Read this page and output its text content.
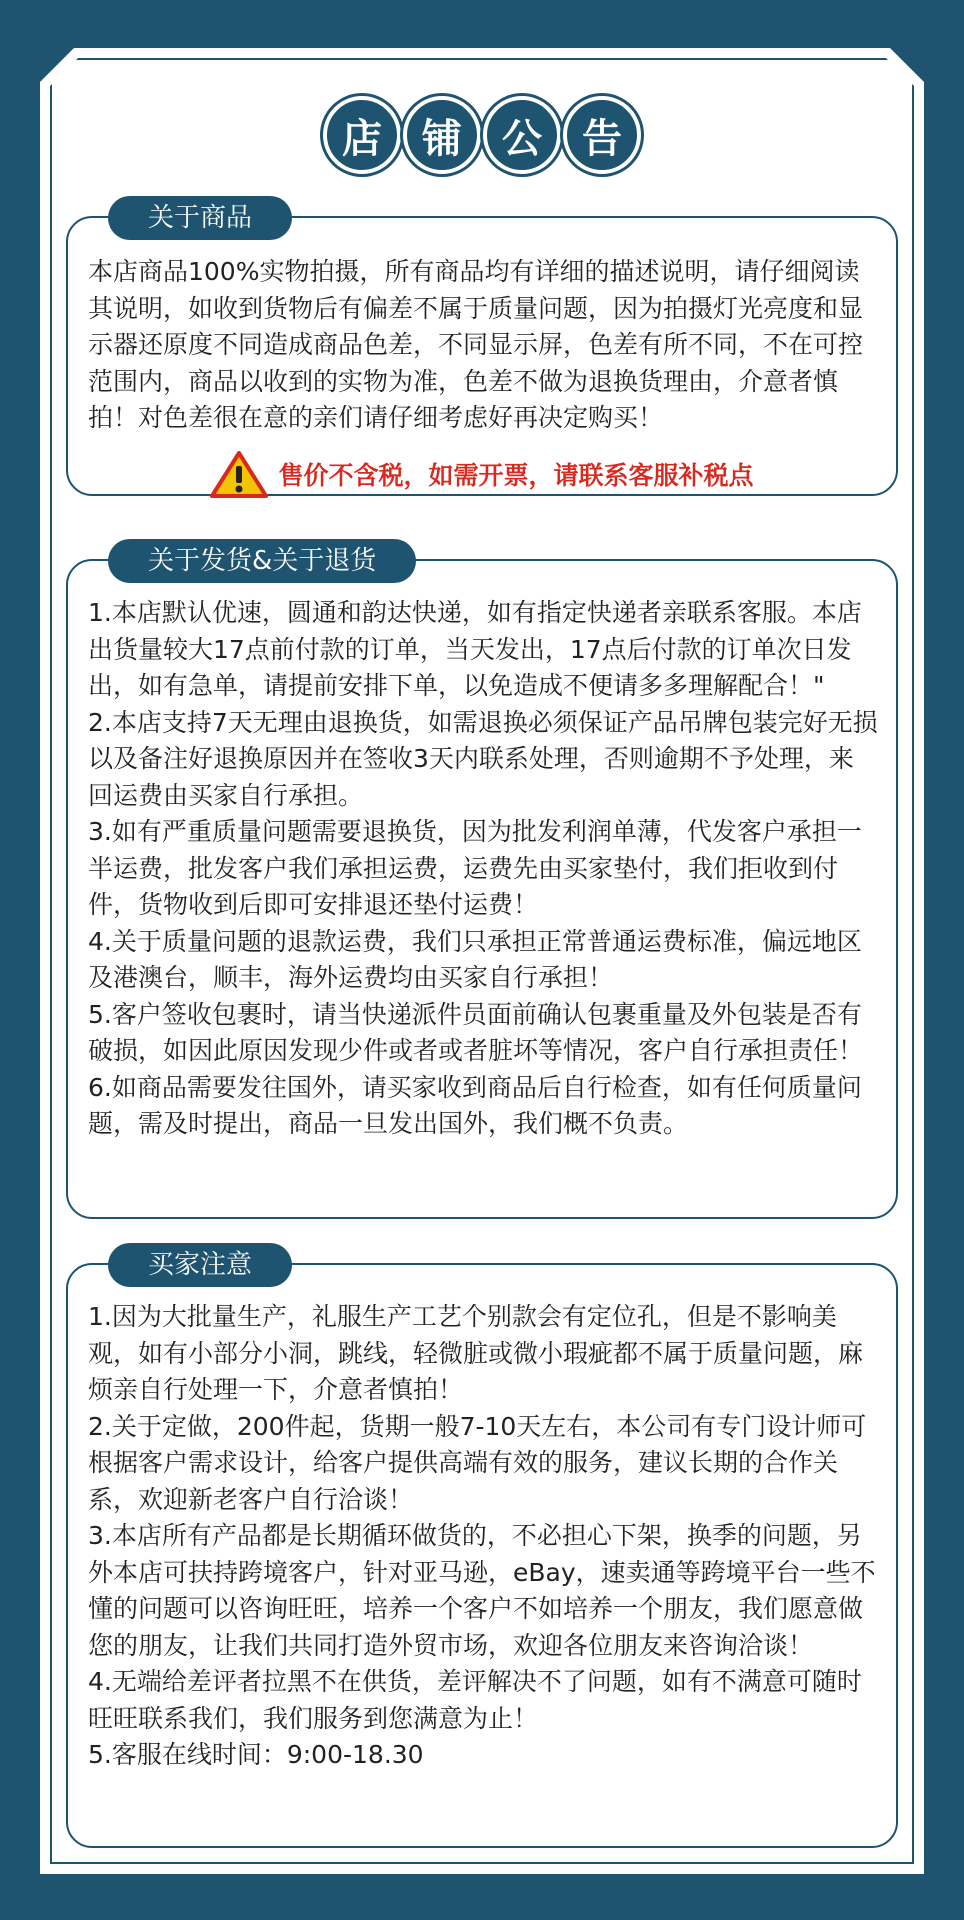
店	铺	公	告
关于商品
本店商品100%实物拍摄，所有商品均有详细的描述说明，请仔细阅读其说明，如收到货物后有偏差不属于质量问题，因为拍摄灯光亮度和显示器还原度不同造成商品色差，不同显示屏，色差有所不同，不在可控范围内，商品以收到的实物为准，色差不做为退换货理由，介意者慎拍！对色差很在意的亲们请仔细考虑好再决定购买！
售价不含税，如需开票，请联系客服补税点
关于发货&关于退货
1.本店默认优速，圆通和韵达快递，如有指定快递者亲联系客服。本店出货量较大17点前付款的订单，当天发出，17点后付款的订单次日发出，如有急单，请提前安排下单，以免造成不便请多多理解配合！"
2.本店支持7天无理由退换货，如需退换必须保证产品吊牌包装完好无损以及备注好退换原因并在签收3天内联系处理，否则逾期不予处理，来回运费由买家自行承担。
3.如有严重质量问题需要退换货，因为批发利润单薄，代发客户承担一半运费，批发客户我们承担运费，运费先由买家垫付，我们拒收到付件，货物收到后即可安排退还垫付运费！
4.关于质量问题的退款运费，我们只承担正常普通运费标准，偏远地区及港澳台，顺丰，海外运费均由买家自行承担！
5.客户签收包裹时，请当快递派件员面前确认包裹重量及外包装是否有破损，如因此原因发现少件或者或者脏坏等情况，客户自行承担责任！
6.如商品需要发往国外，请买家收到商品后自行检查，如有任何质量问题，需及时提出，商品一旦发出国外，我们概不负责。
买家注意
1.因为大批量生产，礼服生产工艺个别款会有定位孔，但是不影响美观，如有小部分小洞，跳线，轻微脏或微小瑕疵都不属于质量问题，麻烦亲自行处理一下，介意者慎拍！
2.关于定做，200件起，货期一般7-10天左右，本公司有专门设计师可根据客户需求设计，给客户提供高端有效的服务，建议长期的合作关系，欢迎新老客户自行洽谈！
3.本店所有产品都是长期循环做货的，不必担心下架，换季的问题，另外本店可扶持跨境客户，针对亚马逊，eBay，速卖通等跨境平台一些不懂的问题可以咨询旺旺，培养一个客户不如培养一个朋友，我们愿意做您的朋友，让我们共同打造外贸市场，欢迎各位朋友来咨询洽谈！
4.无端给差评者拉黑不在供货，差评解决不了问题，如有不满意可随时旺旺联系我们，我们服务到您满意为止！
5.客服在线时间：9:00-18.30
